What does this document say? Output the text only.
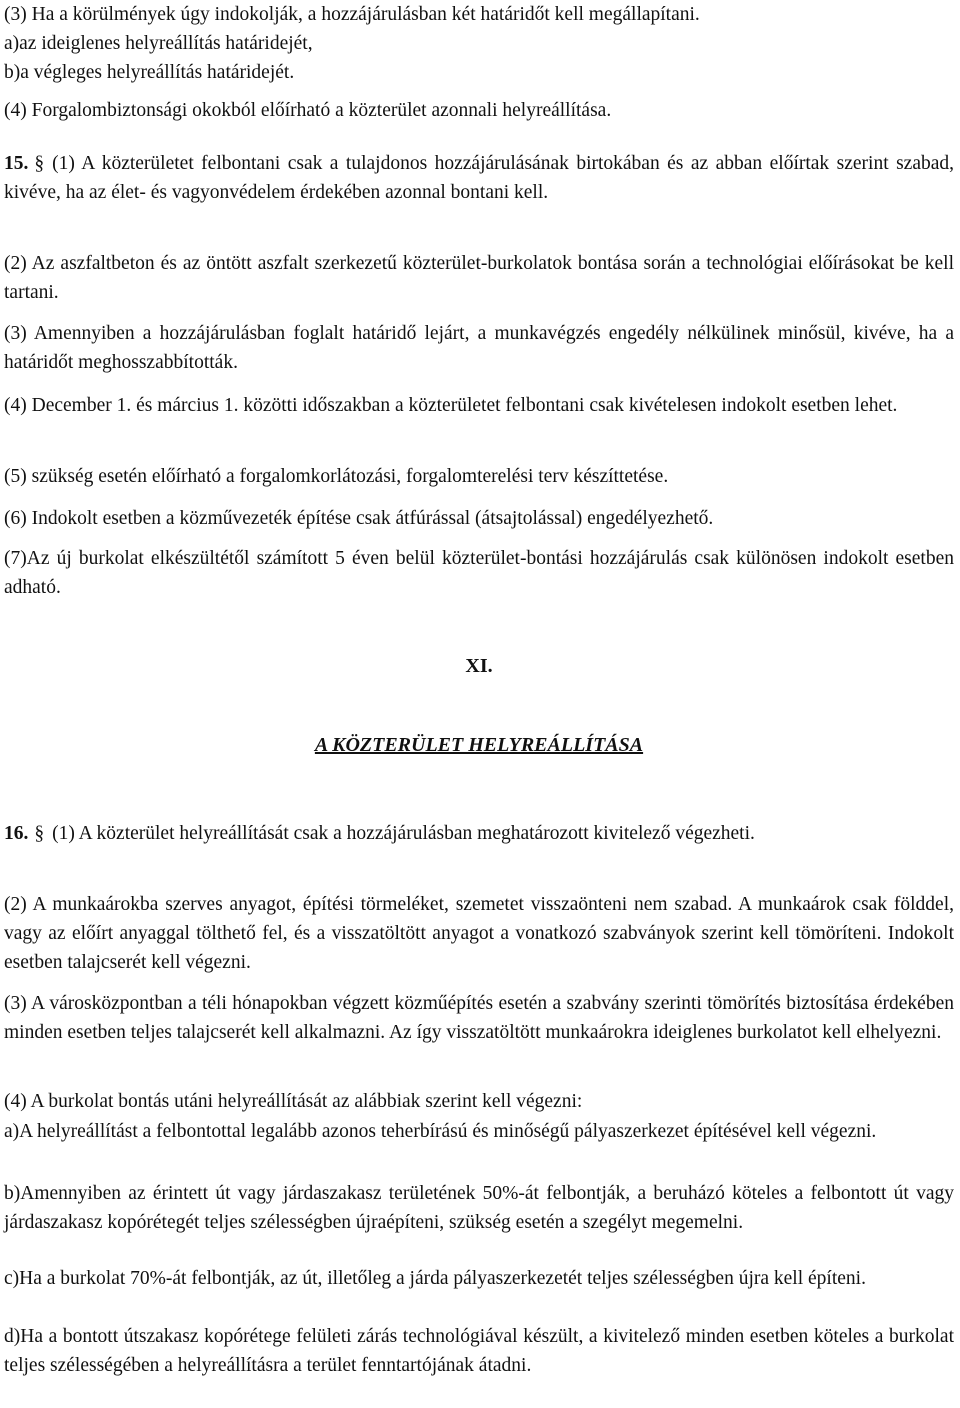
(3) Ha a körülmények úgy indokolják, a hozzájárulásban két határidőt kell megállapítani.
a)az ideiglenes helyreállítás határidejét,
b)a végleges helyreállítás határidejét.

(4) Forgalombiztonsági okokból előírható a közterület azonnali helyreállítása.

15. § (1) A közterületet felbontani csak a tulajdonos hozzájárulásának birtokában és az abban előírtak szerint szabad, kivéve, ha az élet- és vagyonvédelem érdekében azonnal bontani kell.

(2) Az aszfaltbeton és az öntött aszfalt szerkezetű közterület-burkolatok bontása során a technológiai előírásokat be kell tartani.

(3) Amennyiben a hozzájárulásban foglalt határidő lejárt, a munkavégzés engedély nélkülinek minősül, kivéve, ha a határidőt meghosszabbították.

(4) December 1. és március 1. közötti időszakban a közterületet felbontani csak kivételesen indokolt esetben lehet.

(5) szükség esetén előírható a forgalomkorlátozási, forgalomterelési terv készíttetése.

(6) Indokolt esetben a közművezeték építése csak átfúrással (átsajtolással) engedélyezhető.

(7)Az új burkolat elkészültétől számított 5 éven belül közterület-bontási hozzájárulás csak különösen indokolt esetben adható.

XI.

A KÖZTERÜLET HELYREÁLLÍTÁSA

16. § (1) A közterület helyreállítását csak a hozzájárulásban meghatározott kivitelező végezheti.

(2) A munkaárokba szerves anyagot, építési törmeléket, szemetet visszaönteni nem szabad. A munkaárok csak földdel, vagy az előírt anyaggal tölthető fel, és a visszatöltött anyagot a vonatkozó szabványok szerint kell tömöríteni. Indokolt esetben talajcserét kell végezni.

(3) A városközpontban a téli hónapokban végzett közműépítés esetén a szabvány szerinti tömörítés biztosítása érdekében minden esetben teljes talajcserét kell alkalmazni. Az így visszatöltött munkaárokra ideiglenes burkolatot kell elhelyezni.

(4) A burkolat bontás utáni helyreállítását az alábbiak szerint kell végezni:

a)A helyreállítást a felbontottal legalább azonos teherbírású és minőségű pályaszerkezet építésével kell végezni.

b)Amennyiben az érintett út vagy járdaszakasz területének 50%-át felbontják, a beruházó köteles a felbontott út vagy járdaszakasz kopórétegét teljes szélességben újraépíteni, szükség esetén a szegélyt megemelni.

c)Ha a burkolat 70%-át felbontják, az út, illetőleg a járda pályaszerkezetét teljes szélességben újra kell építeni.

d)Ha a bontott útszakasz kopórétege felületi zárás technológiával készült, a kivitelező minden esetben köteles a burkolat teljes szélességében a helyreállításra a terület fenntartójának átadni.
